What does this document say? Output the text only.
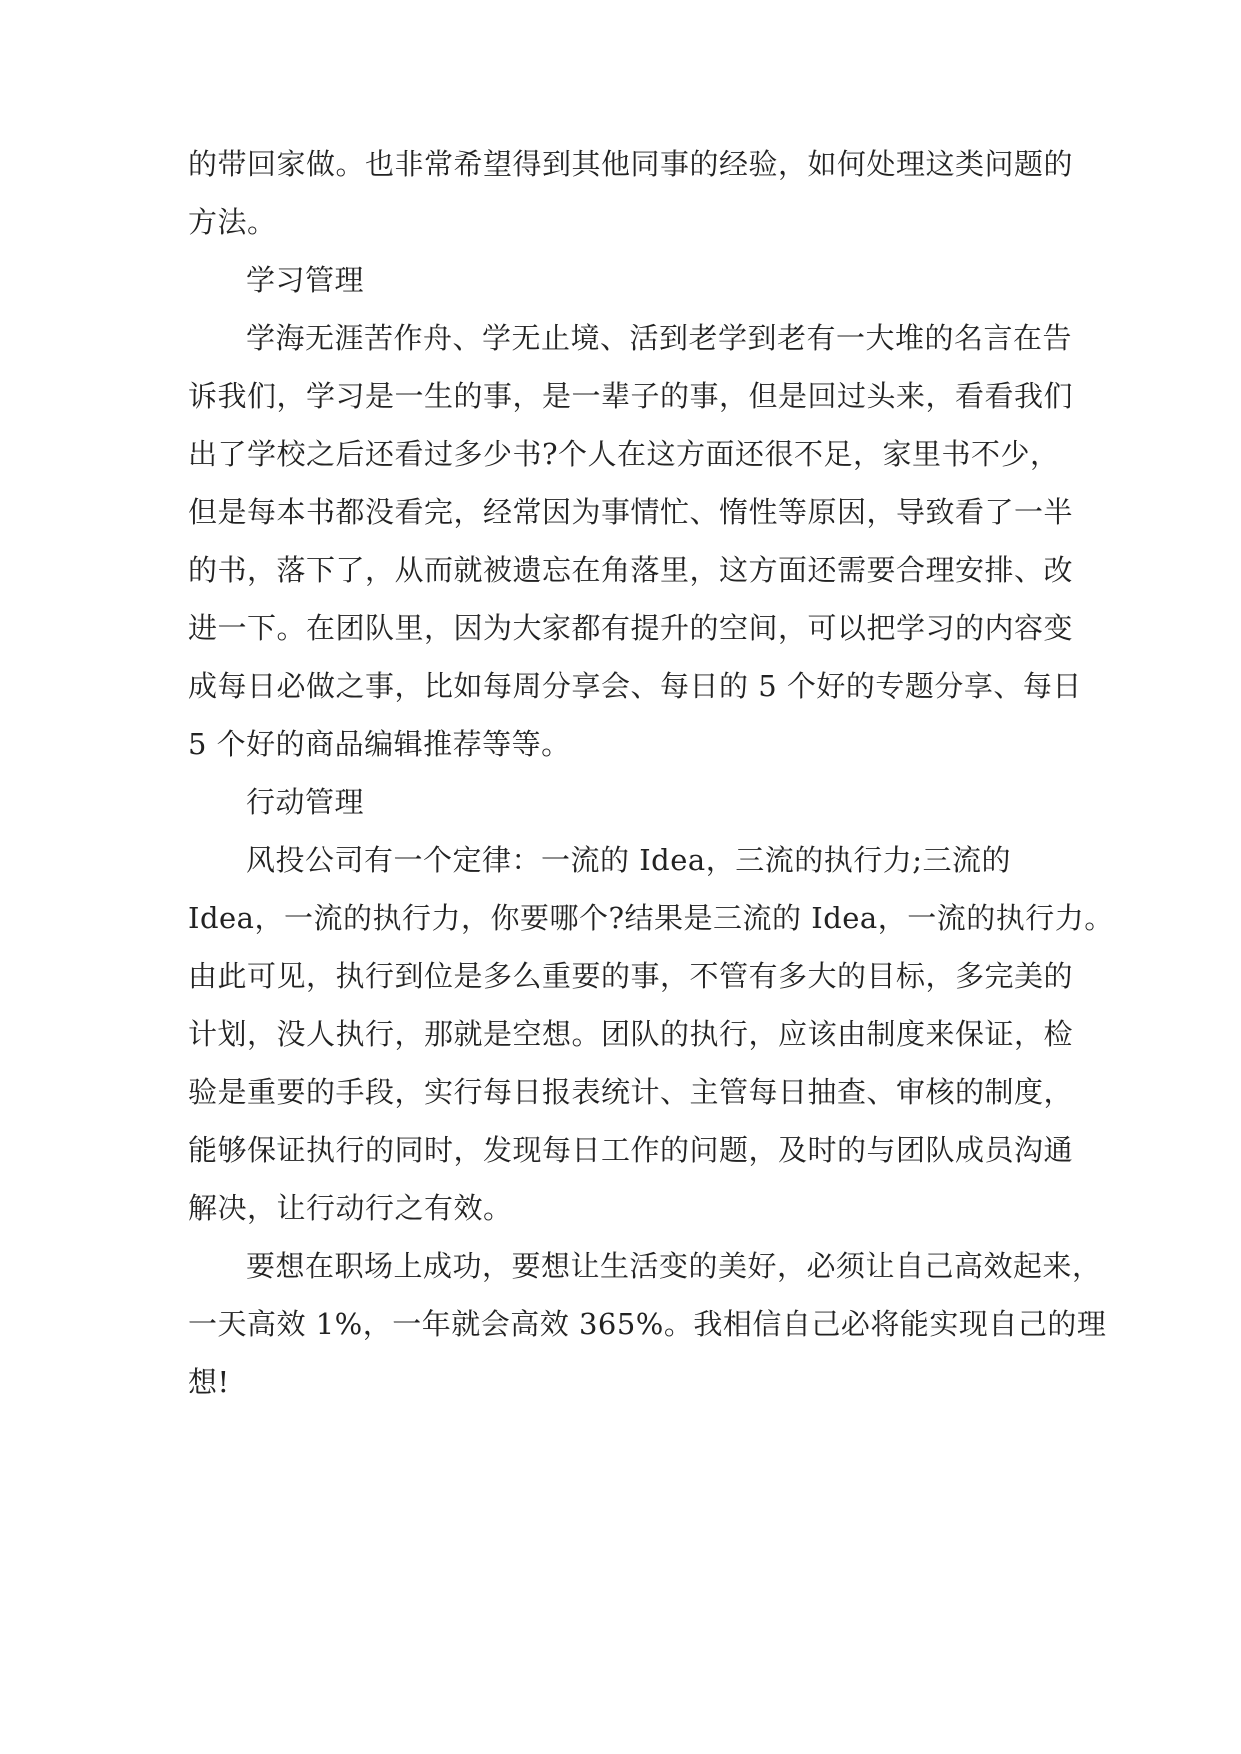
的带回家做。也非常希望得到其他同事的经验，如何处理这类问题的
方法。
学习管理
学海无涯苦作舟、学无止境、活到老学到老有一大堆的名言在告
诉我们，学习是一生的事，是一辈子的事，但是回过头来，看看我们
出了学校之后还看过多少书?个人在这方面还很不足，家里书不少，
但是每本书都没看完，经常因为事情忙、惰性等原因，导致看了一半
的书，落下了，从而就被遗忘在角落里，这方面还需要合理安排、改
进一下。在团队里，因为大家都有提升的空间，可以把学习的内容变
成每日必做之事，比如每周分享会、每日的 5 个好的专题分享、每日
5 个好的商品编辑推荐等等。
行动管理
风投公司有一个定律：一流的 Idea，三流的执行力;三流的
Idea，一流的执行力，你要哪个?结果是三流的 Idea，一流的执行力。
由此可见，执行到位是多么重要的事，不管有多大的目标，多完美的
计划，没人执行，那就是空想。团队的执行，应该由制度来保证，检
验是重要的手段，实行每日报表统计、主管每日抽查、审核的制度，
能够保证执行的同时，发现每日工作的问题，及时的与团队成员沟通
解决，让行动行之有效。
要想在职场上成功，要想让生活变的美好，必须让自己高效起来，
一天高效 1%，一年就会高效 365%。我相信自己必将能实现自己的理
想!
